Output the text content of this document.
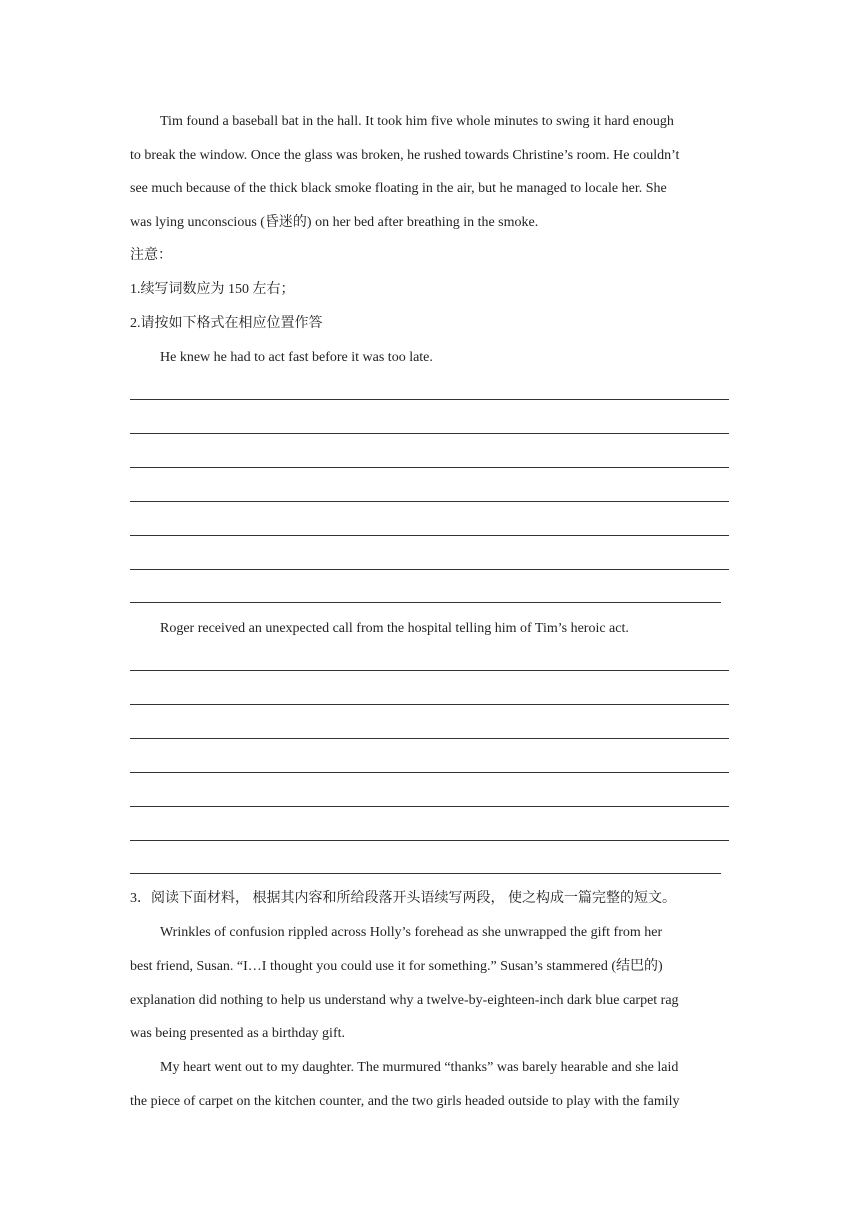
Tim found a baseball bat in the hall. It took him five whole minutes to swing it hard enough
to break the window. Once the glass was broken, he rushed towards Christine’s room. He couldn’t
see much because of the thick black smoke floating in the air, but he managed to locale her. She
was lying unconscious (昏迷的) on her bed after breathing in the smoke.
注意：
1.续写词数应为 150 左右；
2.请按如下格式在相应位置作答
He knew he had to act fast before it was too late.
Roger received an unexpected call from the hospital telling him of Tim’s heroic act.
3．阅读下面材料， 根据其内容和所给段落开头语续写两段， 使之构成一篇完整的短文。
Wrinkles of confusion rippled across Holly’s forehead as she unwrapped the gift from her
best friend, Susan. “I…I thought you could use it for something.” Susan’s stammered (结巴的)
explanation did nothing to help us understand why a twelve-by-eighteen-inch dark blue carpet rag
was being presented as a birthday gift.
My heart went out to my daughter. The murmured “thanks” was barely hearable and she laid
the piece of carpet on the kitchen counter, and the two girls headed outside to play with the family
